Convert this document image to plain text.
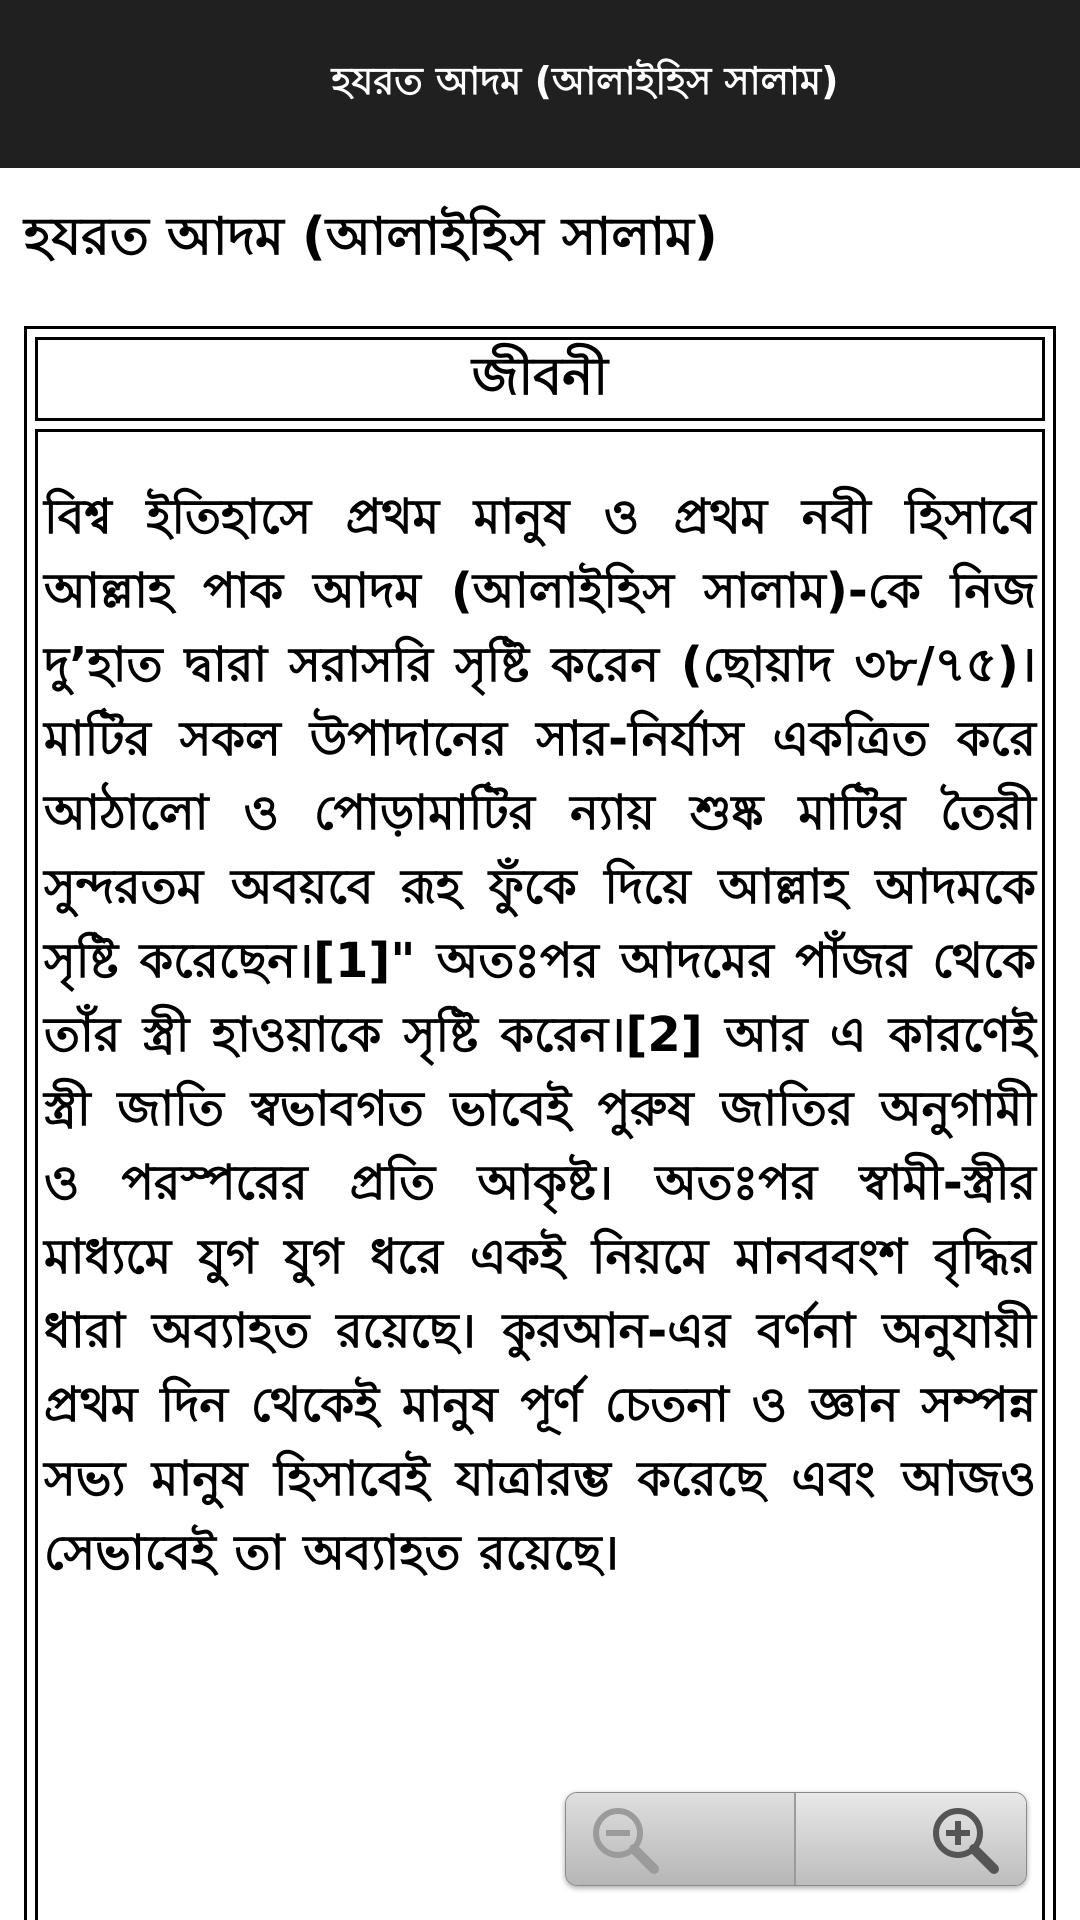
হযরত আদম (আলাইহিস সালাম)
হযরত আদম (আলাইহিস সালাম)
জীবনী
বিশ্ব ইতিহাসে প্রথম মানুষ ও প্রথম নবী হিসাবে আল্লাহ পাক আদম (আলাইহিস সালাম)-কে নিজ দু’হাত দ্বারা সরাসরি সৃষ্টি করেন (ছোয়াদ ৩৮/৭৫)। মাটির সকল উপাদানের সার-নির্যাস একত্রিত করে আঠালো ও পোড়ামাটির ন্যায় শুষ্ক মাটির তৈরী সুন্দরতম অবয়বে রূহ ফুঁকে দিয়ে আল্লাহ আদমকে সৃষ্টি করেছেন।[1]" অতঃপর আদমের পাঁজর থেকে তাঁর স্ত্রী হাওয়াকে সৃষ্টি করেন।[2] আর এ কারণেই স্ত্রী জাতি স্বভাবগত ভাবেই পুরুষ জাতির অনুগামী ও পরস্পরের প্রতি আকৃষ্ট। অতঃপর স্বামী-স্ত্রীর মাধ্যমে যুগ যুগ ধরে একই নিয়মে মানববংশ বৃদ্ধির ধারা অব্যাহত রয়েছে। কুরআন-এর বর্ণনা অনুযায়ী প্রথম দিন থেকেই মানুষ পূর্ণ চেতনা ও জ্ঞান সম্পন্ন সভ্য মানুষ হিসাবেই যাত্রারম্ভ করেছে এবং আজও সেভাবেই তা অব্যাহত রয়েছে।
